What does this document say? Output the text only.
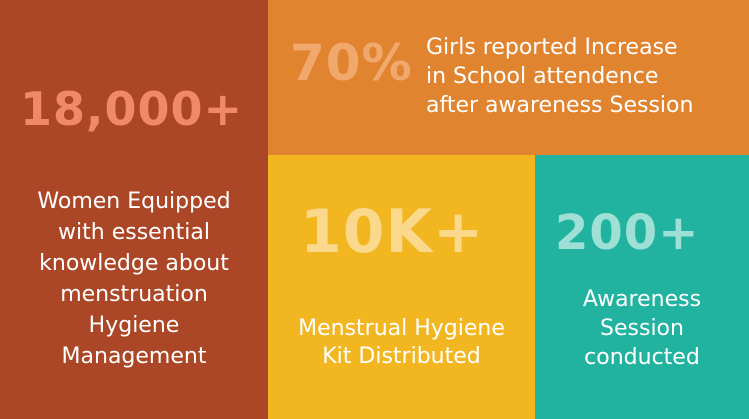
18,000+
Women Equipped
with essential
knowledge about
menstruation
Hygiene
Management
70% Girls reported Increase
in School attendence
after awareness Session
10K+
Menstrual Hygiene
Kit Distributed
200+
Awareness
Session
conducted
